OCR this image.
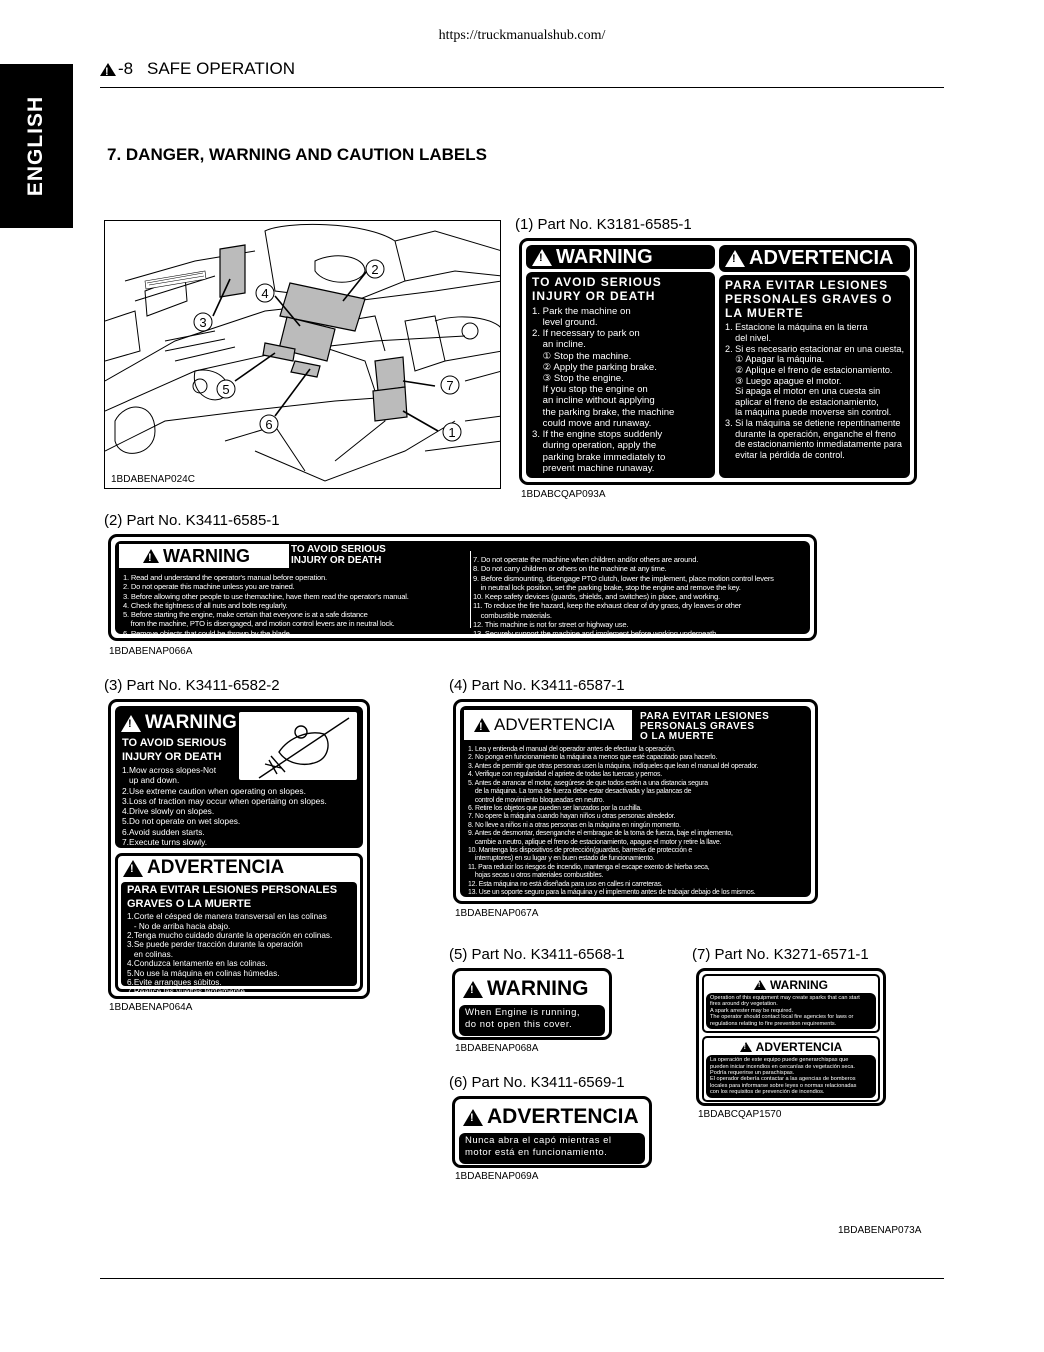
https://truckmanualshub.com/
ENGLISH
!
-8 SAFE OPERATION
7. DANGER, WARNING AND CAUTION LABELS
2
4
3
5
6
7
1
1BDABENAP024C
(1) Part No. K3181-6585-1
!
WARNING
TO AVOID SERIOUS INJURY OR DEATH
1. Park the machine on
level ground.
2. If necessary to park on
an incline.
① Stop the machine.
② Apply the parking brake.
③ Stop the engine.
If you stop the engine on
an incline without applying
the parking brake, the machine
could move and runaway.
3. If the engine stops suddenly
during operation, apply the
parking brake immediately to
prevent machine runaway.
!
ADVERTENCIA
PARA EVITAR LESIONES PERSONALES GRAVES O LA MUERTE
1. Estacione la máquina en la tierra
del nivel.
2. Si es necesario estacionar en una cuesta,
① Apagar la máquina.
② Aplique el freno de estacionamiento.
③ Luego apague el motor.
Si apaga el motor en una cuesta sin
aplicar el freno de estacionamiento,
la máquina puede moverse sin control.
3. Si la máquina se detiene repentinamente
durante la operación, enganche el freno
de estacionamiento inmediatamente para
evitar la pérdida de control.
1BDABCQAP093A
(2) Part No. K3411-6585-1
!
WARNING	TO AVOID SERIOUS
INJURY OR DEATH
1. Read and understand the operator's manual before operation.
2. Do not operate this machine unless you are trained.
3. Before allowing other people to use themachine, have them read the operator's manual.
4. Check the tightness of all nuts and bolts regularly.
5. Before starting the engine, make certain that everyone is at a safe distance
from the machine, PTO is disengaged, and motion control levers are in neutral lock.
6. Remove objects that could be thrown by the blade.
7. Do not operate the machine when children and/or others are around.
8. Do not carry children or others on the machine at any time.
9. Before dismounting, disengage PTO clutch, lower the implement, place motion control levers
in neutral lock position, set the parking brake, stop the engine and remove the key.
10. Keep safety devices (guards, shields, and switches) in place, and working.
11. To reduce the fire hazard, keep the exhaust clear of dry grass, dry leaves or other
combustible materials.
12. This machine is not for street or highway use.
13. Securely support the machine and implement before working underneath.
1BDABENAP066A
(3) Part No. K3411-6582-2
!
WARNING
TO AVOID SERIOUS
INJURY OR DEATH
1.Mow across slopes-Not
up and down.
2.Use extreme caution when operating on slopes.
3.Loss of traction may occur when opertaing on slopes.
4.Drive slowly on slopes.
5.Do not operate on wet slopes.
6.Avoid sudden starts.
7.Execute turns slowly.
!
ADVERTENCIA
PARA EVITAR LESIONES PERSONALES
GRAVES O LA MUERTE
1.Corte el césped de manera transversal en las colinas
- No de arriba hacia abajo.
2.Tenga mucho cuidado durante la operación en colinas.
3.Se puede perder tracción durante la operación
en colinas.
4.Conduzca lentamente en las colinas.
5.No use la máquina en colinas húmedas.
6.Evite arranques súbitos.
7.Realice las vueltas lentamente.
1BDABENAP064A
(4) Part No. K3411-6587-1
!
ADVERTENCIA	PARA EVITAR LESIONES
PERSONALS GRAVES
O LA MUERTE
1. Lea y entienda el manual del operador antes de efectuar la operación.
2. No ponga en funcionamiento la máquina a menos que esté capacitado para hacerlo.
3. Antes de permitir que otras personas usen la máquina, indíqueles que lean el manual del operador.
4. Verifique con regularidad el apriete de todas las tuercas y pernos.
5. Antes de arrancar el motor, asegúrese de que todos estén a una distancia segura
de la máquina. La toma de fuerza debe estar desactivada y las palancas de
control de movimiento bloqueadas en neutro.
6. Retire los objetos que pueden ser lanzados por la cuchilla.
7. No opere la máquina cuando hayan niños u otras personas alrededor.
8. No lleve a niños ni a otras personas en la máquina en ningún momento.
9. Antes de desmontar, desenganche el embrague de la toma de fuerza, baje el implemento,
cambie a neutro, aplique el freno de estacionamiento, apague el motor y retire la llave.
10. Mantenga los dispositivos de protección(guardas, barreras de protección e
interruptores) en su lugar y en buen estado de funcionamiento.
11. Para reducir los riesgos de incendio, mantenga el escape exento de hierba seca,
hojas secas u otros materiales combustibles.
12. Esta máquina no está diseñada para uso en calles ni carreteras.
13. Use un soporte seguro para la máquina y el implemento antes de trabajar debajo de los mismos.
1BDABENAP067A
(5) Part No. K3411-6568-1
!
WARNING
When Engine is running,
do not open this cover.
1BDABENAP068A
(6) Part No. K3411-6569-1
!
ADVERTENCIA
Nunca abra el capó mientras el
motor está en funcionamiento.
1BDABENAP069A
(7) Part No. K3271-6571-1
!
WARNING
Operation of this equipment may create sparks that can start
fires around dry vegetation.
A spark arrester may be required.
The operator should contact local fire agencies for laws or
regulations relating to fire prevention requirements.
!
ADVERTENCIA
La operación de este equipo puede generarchispas que
pueden iniciar incendios en cercanías de vegetación seca.
Podría requerirse un parachispas.
El operador debería contactar a las agencias de bomberos
locales para informarse sobre leyes o normas relacionadas
con los requisitos de prevención de incendios.
1BDABCQAP1570
1BDABENAP073A
